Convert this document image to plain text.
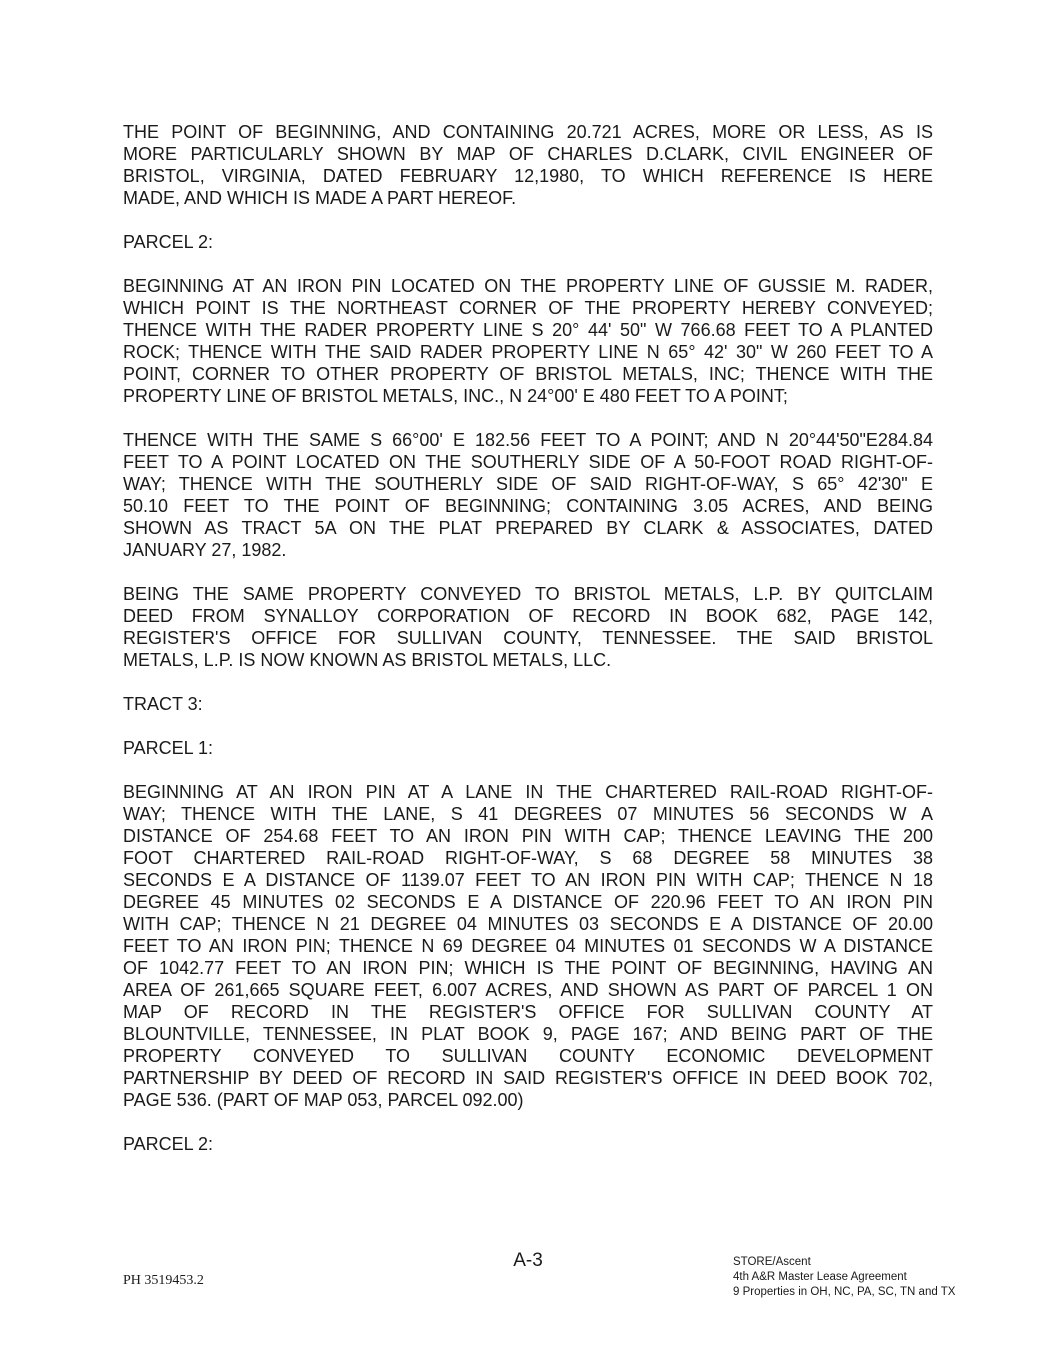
THE POINT OF BEGINNING, AND CONTAINING 20.721 ACRES, MORE OR LESS, AS IS
MORE PARTICULARLY SHOWN BY MAP OF CHARLES D.CLARK, CIVIL ENGINEER OF
BRISTOL, VIRGINIA, DATED FEBRUARY 12,1980, TO WHICH REFERENCE IS HERE
MADE, AND WHICH IS MADE A PART HEREOF.
PARCEL 2:
BEGINNING AT AN IRON PIN LOCATED ON THE PROPERTY LINE OF GUSSIE M. RADER,
WHICH POINT IS THE NORTHEAST CORNER OF THE PROPERTY HEREBY CONVEYED;
THENCE WITH THE RADER PROPERTY LINE S 20° 44' 50" W 766.68 FEET TO A PLANTED
ROCK; THENCE WITH THE SAID RADER PROPERTY LINE N 65° 42' 30" W 260 FEET TO A
POINT, CORNER TO OTHER PROPERTY OF BRISTOL METALS, INC; THENCE WITH THE
PROPERTY LINE OF BRISTOL METALS, INC., N 24°00' E 480 FEET TO A POINT;
THENCE WITH THE SAME S 66°00' E 182.56 FEET TO A POINT; AND N 20°44'50"E284.84
FEET TO A POINT LOCATED ON THE SOUTHERLY SIDE OF A 50-FOOT ROAD RIGHT-OF-
WAY; THENCE WITH THE SOUTHERLY SIDE OF SAID RIGHT-OF-WAY, S 65° 42'30" E
50.10 FEET TO THE POINT OF BEGINNING; CONTAINING 3.05 ACRES, AND BEING
SHOWN AS TRACT 5A ON THE PLAT PREPARED BY CLARK & ASSOCIATES, DATED
JANUARY 27, 1982.
BEING THE SAME PROPERTY CONVEYED TO BRISTOL METALS, L.P. BY QUITCLAIM
DEED FROM SYNALLOY CORPORATION OF RECORD IN BOOK 682, PAGE 142,
REGISTER'S OFFICE FOR SULLIVAN COUNTY, TENNESSEE. THE SAID BRISTOL
METALS, L.P. IS NOW KNOWN AS BRISTOL METALS, LLC.
TRACT 3:
PARCEL 1:
BEGINNING AT AN IRON PIN AT A LANE IN THE CHARTERED RAIL-ROAD RIGHT-OF-
WAY; THENCE WITH THE LANE, S 41 DEGREES 07 MINUTES 56 SECONDS W A
DISTANCE OF 254.68 FEET TO AN IRON PIN WITH CAP; THENCE LEAVING THE 200
FOOT CHARTERED RAIL-ROAD RIGHT-OF-WAY, S 68 DEGREE 58 MINUTES 38
SECONDS E A DISTANCE OF 1139.07 FEET TO AN IRON PIN WITH CAP; THENCE N 18
DEGREE 45 MINUTES 02 SECONDS E A DISTANCE OF 220.96 FEET TO AN IRON PIN
WITH CAP; THENCE N 21 DEGREE 04 MINUTES 03 SECONDS E A DISTANCE OF 20.00
FEET TO AN IRON PIN; THENCE N 69 DEGREE 04 MINUTES 01 SECONDS W A DISTANCE
OF 1042.77 FEET TO AN IRON PIN; WHICH IS THE POINT OF BEGINNING, HAVING AN
AREA OF 261,665 SQUARE FEET, 6.007 ACRES, AND SHOWN AS PART OF PARCEL 1 ON
MAP OF RECORD IN THE REGISTER'S OFFICE FOR SULLIVAN COUNTY AT
BLOUNTVILLE, TENNESSEE, IN PLAT BOOK 9, PAGE 167; AND BEING PART OF THE
PROPERTY CONVEYED TO SULLIVAN COUNTY ECONOMIC DEVELOPMENT
PARTNERSHIP BY DEED OF RECORD IN SAID REGISTER'S OFFICE IN DEED BOOK 702,
PAGE 536. (PART OF MAP 053, PARCEL 092.00)
PARCEL 2:
A-3
PH 3519453.2
STORE/Ascent
4th A&R Master Lease Agreement
9 Properties in OH, NC, PA, SC, TN and TX
